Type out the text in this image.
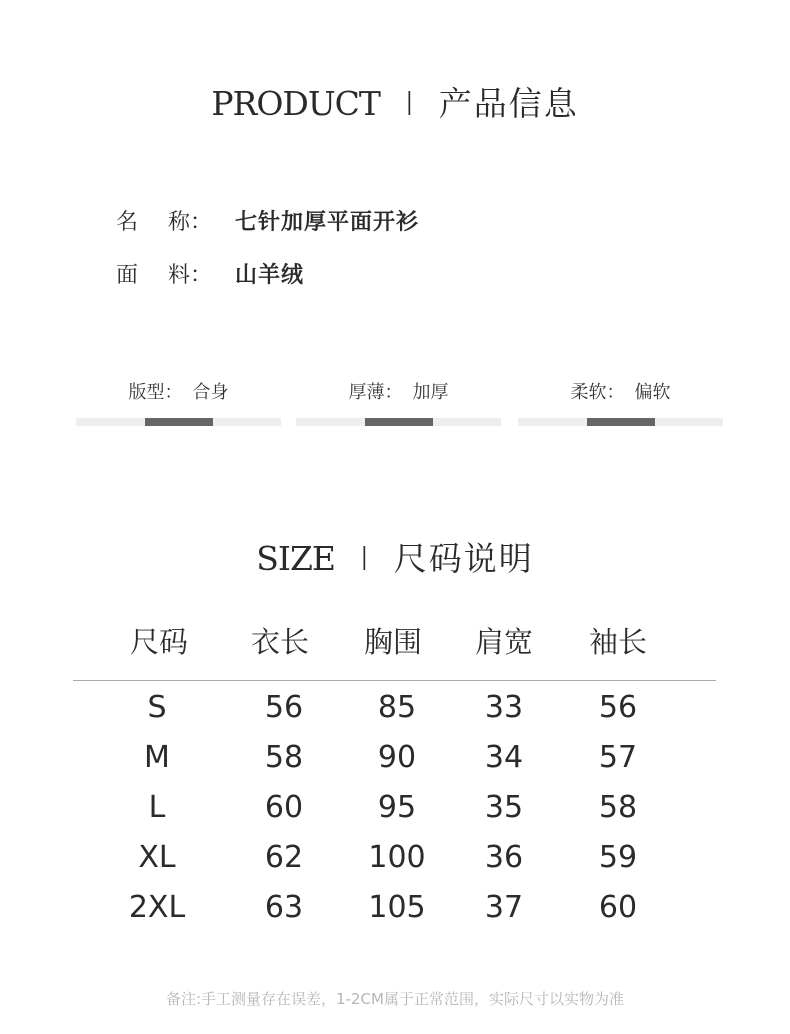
PRODUCT I 产品信息
名 称 ： 七针加厚平面开衫
面 料 ： 山羊绒
版型： 合身	厚薄： 加厚	柔软： 偏软
SIZE I 尺码说明
尺码 衣长 胸围 肩宽 袖长
S	56 85 33	56
M	58 90 34	57
L	60 95 35	58
XL	62 100 36	59
2XL	63 105 37	60
备注:手工测量存在误差，1-2CM属于正常范围，实际尺寸以实物为准
